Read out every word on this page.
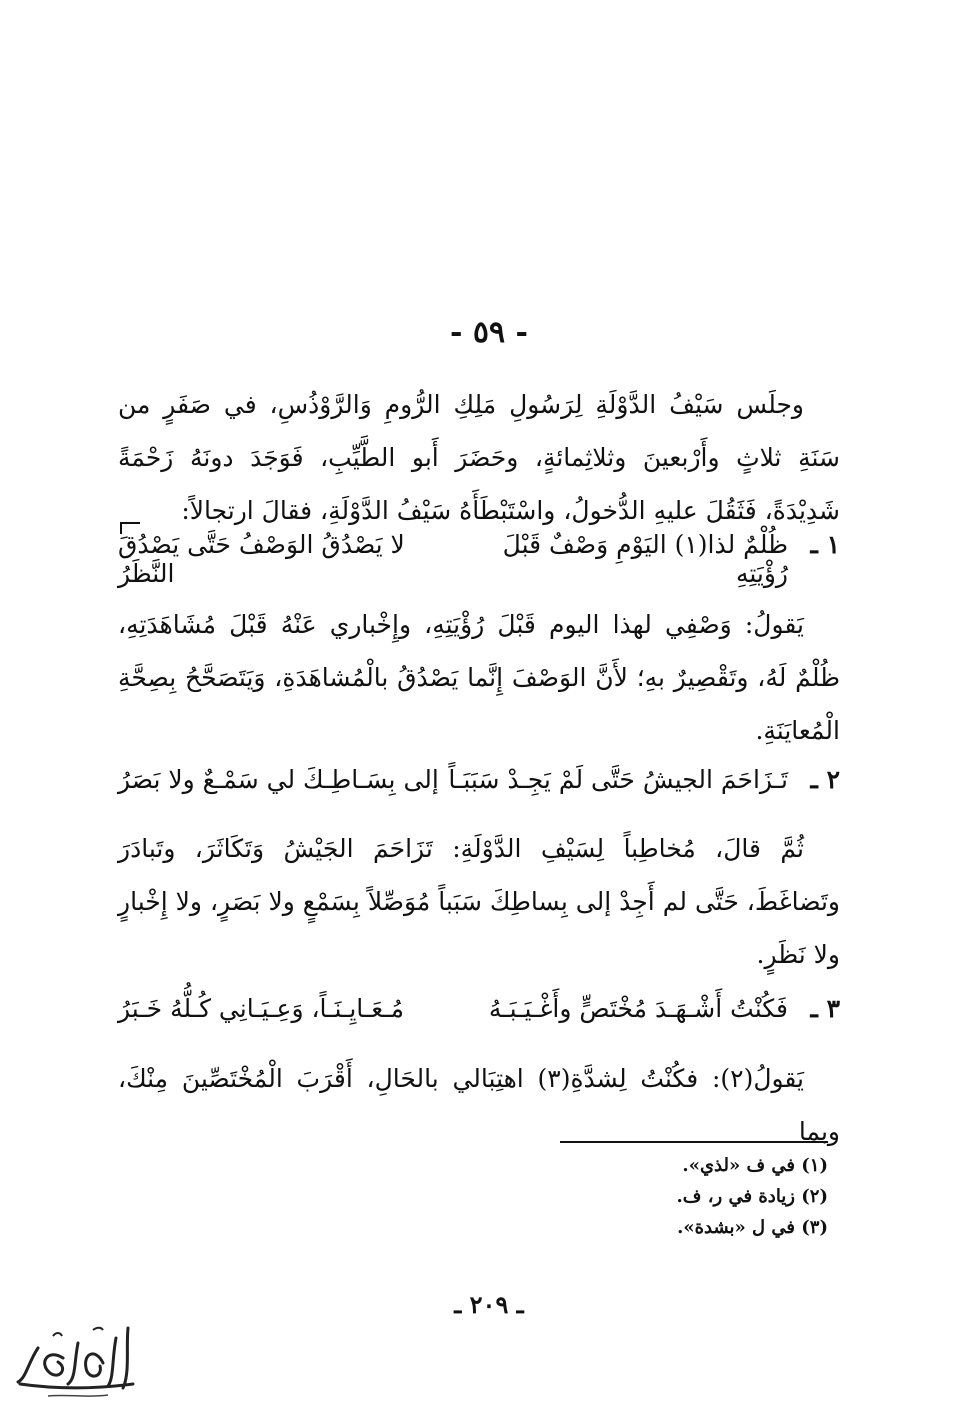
- ٥٩ -
وجلَس سَيْفُ الدَّوْلَةِ لِرَسُولِ مَلِكِ الرُّومِ وَالرَّوْذُسِ، في صَفَرٍ من سَنَةِ ثلاثٍ وأَرْبعينَ وثلاثِمائةٍ، وحَضَرَ أَبو الطَّيِّبِ، فَوَجَدَ دونَهُ زَحْمَةً شَدِيْدَةً، فَثَقُلَ عليهِ الدُّخولُ، واسْتَبْطَأَهُ سَيْفُ الدَّوْلَةِ، فقالَ ارتجالاً:
١ ـ
ظُلْمٌ لذا(١) اليَوْمِ وَصْفٌ قَبْلَ رُؤْيَتِهِ
لا يَصْدُقُ الوَصْفُ حَتَّى يَصْدُقَ النَّظَرُ
يَقولُ: وَصْفِي لهذا اليوم قَبْلَ رُؤْيَتِهِ، وإِخْباري عَنْهُ قَبْلَ مُشَاهَدَتِهِ، ظُلْمٌ لَهُ، وتَقْصِيرٌ بهِ؛ لأَنَّ الوَصْفَ إِنَّما يَصْدُقُ بالْمُشاهَدَةِ، وَيَتَصَحَّحُ بِصِحَّةِ الْمُعايَنَةِ.
٢ ـ
تَـزَاحَمَ الجيشُ حَتَّى لَمْ يَجِـدْ سَبَبَـاً
إلى بِسَـاطِـكَ لي سَمْـعٌ ولا بَصَرُ
ثُمَّ قالَ، مُخاطِباً لِسَيْفِ الدَّوْلَةِ: تَزَاحَمَ الجَيْشُ وَتَكَاثَرَ، وتَبادَرَ وتَضاغَطَ، حَتَّى لم أَجِدْ إلى بِساطِكَ سَبَباً مُوَصِّلاً بِسَمْعٍ ولا بَصَرٍ، ولا إِخْبارٍ ولا نَظَرٍ.
٣ ـ
فَكُنْتُ أَشْـهَـدَ مُخْتَصٍّ وأَغْـيَـبَـهُ
مُـعَـايِـنَـاً، وَعِـيَـانِي كُـلُّهُ خَـبَرُ
يَقولُ(٢): فكُنْتُ لِشدَّةِ(٣) اهتِبَالي بالحَالِ، أَقْرَبَ الْمُخْتَصِّينَ مِنْكَ، وبما
(١) في ف «لذي».
(٢) زيادة في ر، ف.
(٣) في ل «بشدة».
ـ ٢٠٩ ـ
